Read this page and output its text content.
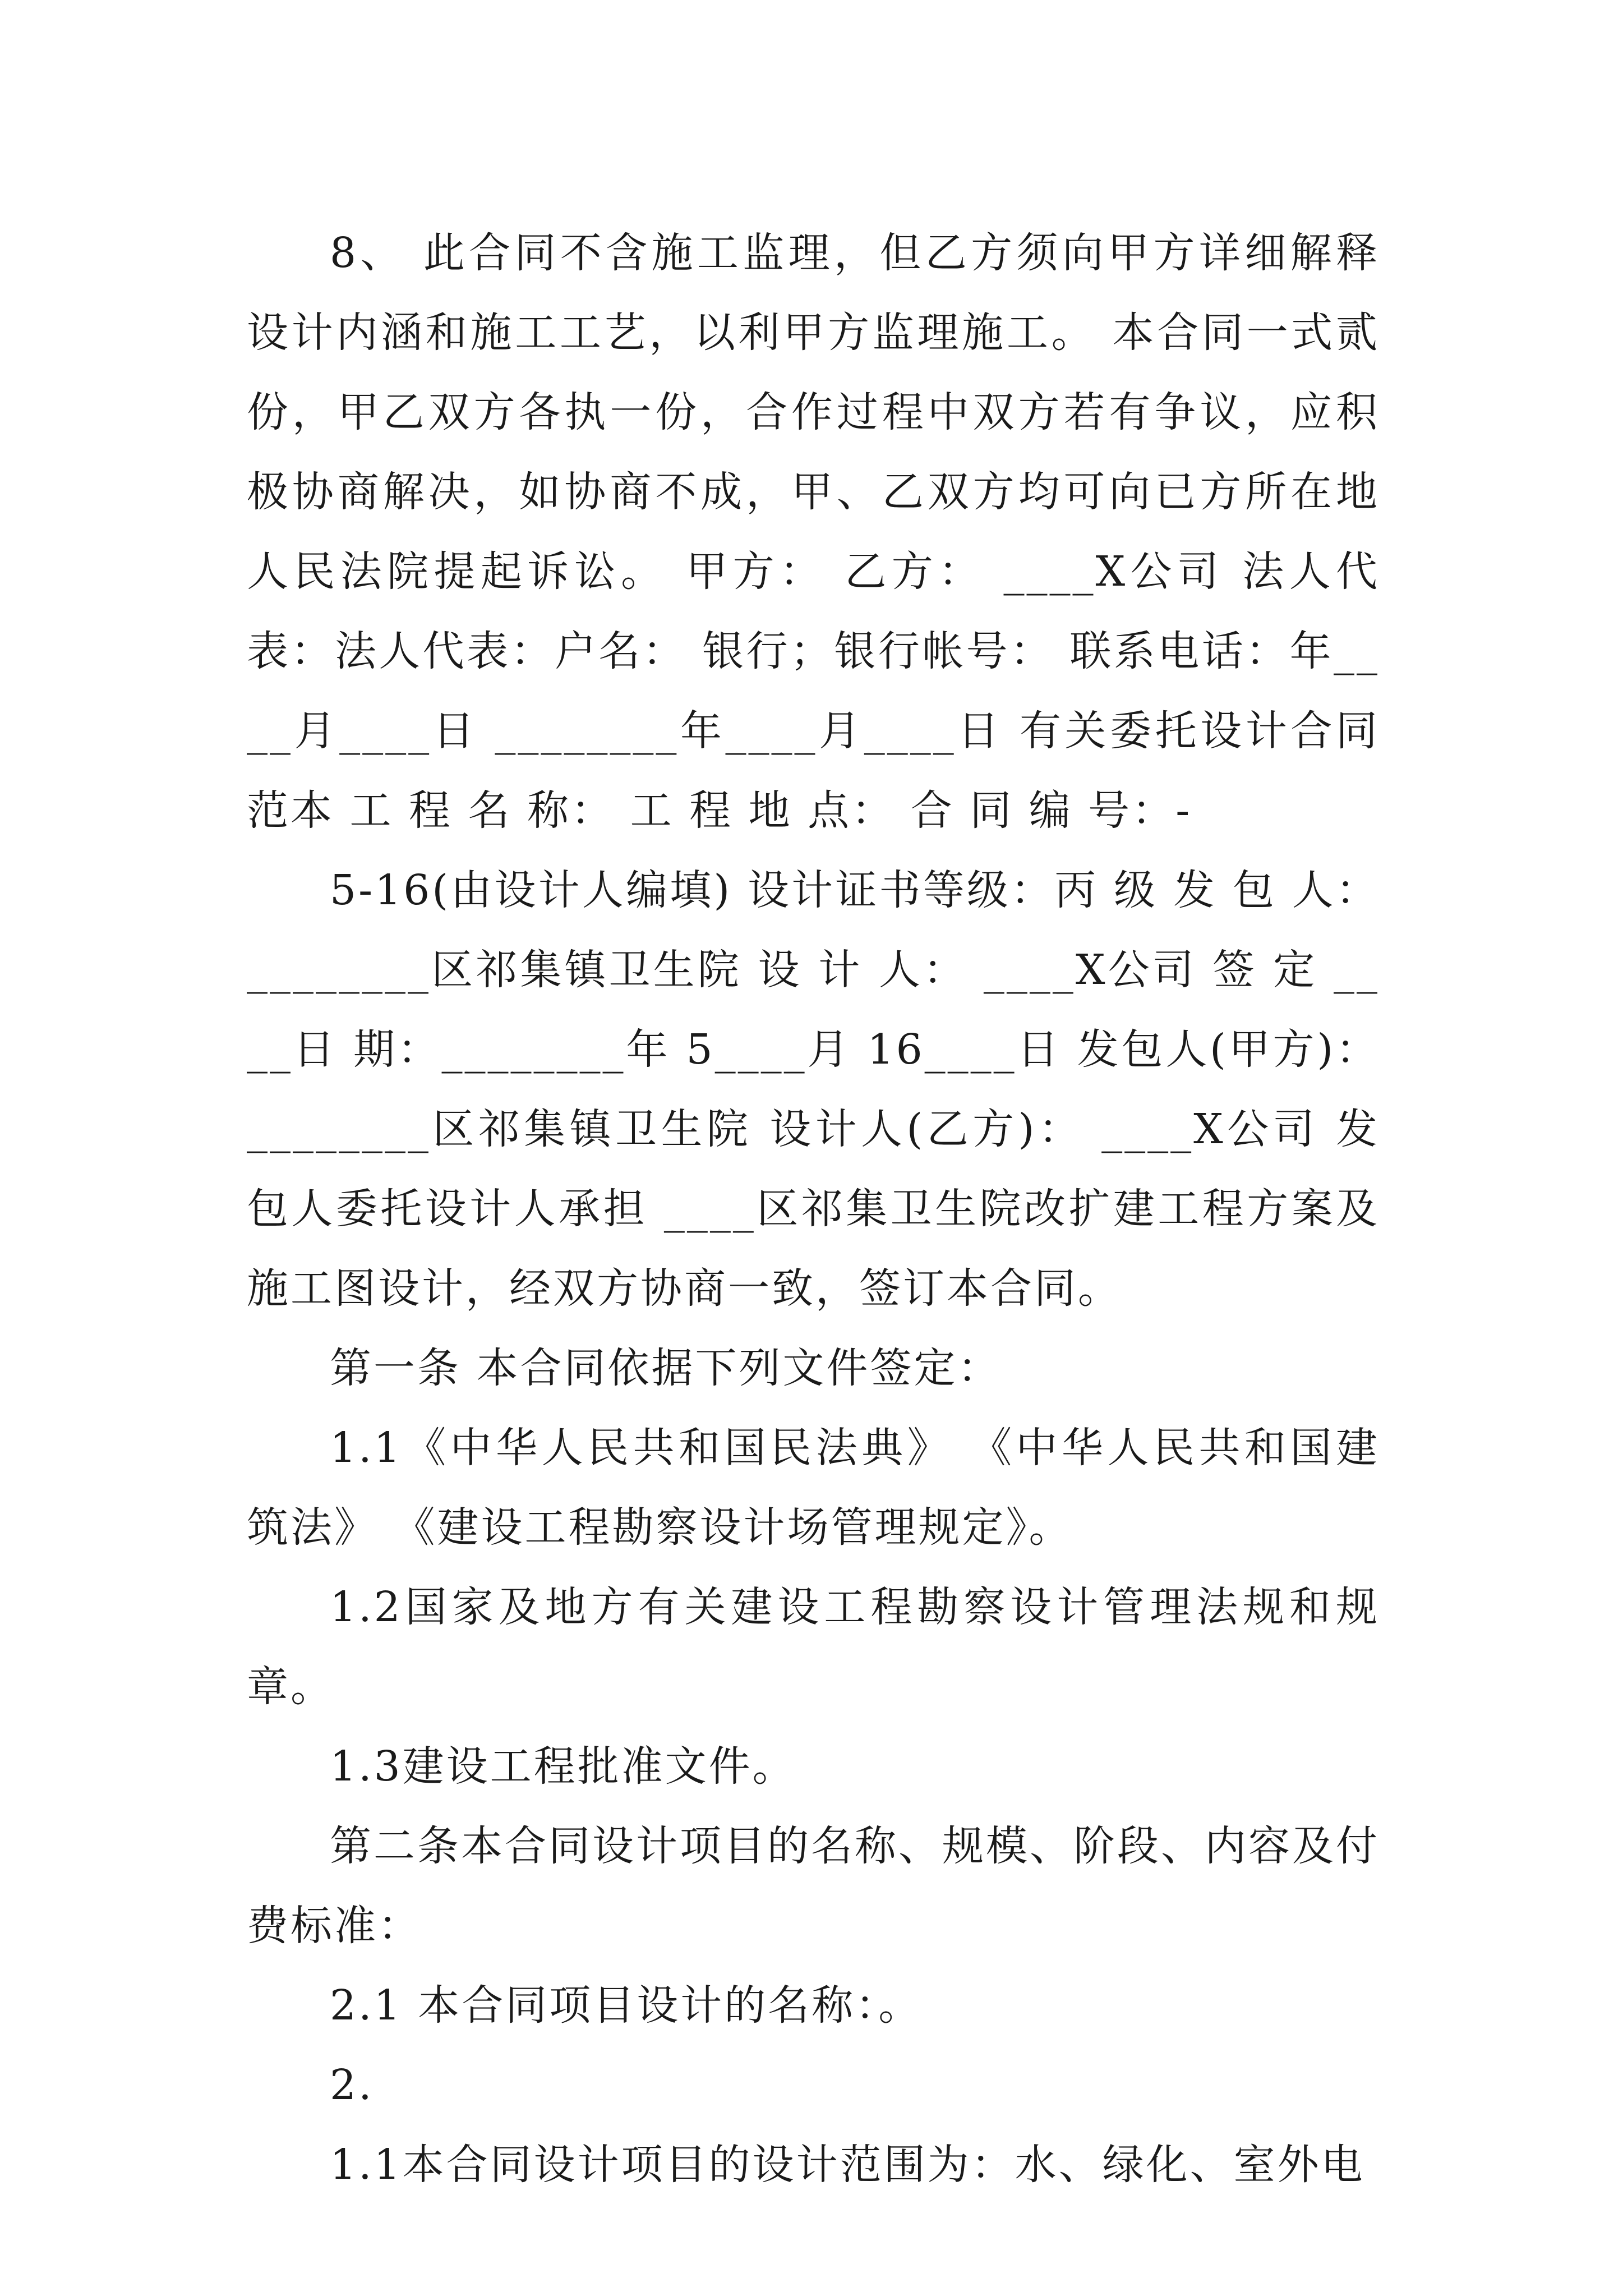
8、 此合同不含施工监理，但乙方须向甲方详细解释设计内涵和施工工艺，以利甲方监理施工。 本合同一式贰份，甲乙双方各执一份，合作过程中双方若有争议，应积极协商解决，如协商不成，甲、乙双方均可向已方所在地人民法院提起诉讼。 甲方： 乙方： ____X公司 法人代表：法人代表：户名： 银行；银行帐号： 联系电话：年____月____日 ________年____月____日 有关委托设计合同范本 工 程 名 称： 工 程 地 点： 合 同 编 号：-

5-16(由设计人编填) 设计证书等级：丙 级 发 包 人：________区祁集镇卫生院 设 计 人： ____X公司 签 定 ____日 期：________年 5____月 16____日 发包人(甲方)：________区祁集镇卫生院 设计人(乙方)： ____X公司 发包人委托设计人承担 ____区祁集卫生院改扩建工程方案及施工图设计，经双方协商一致，签订本合同。

第一条 本合同依据下列文件签定：

1.1《中华人民共和国民法典》 《中华人民共和国建筑法》 《建设工程勘察设计场管理规定》。

1.2国家及地方有关建设工程勘察设计管理法规和规章。

1.3建设工程批准文件。

第二条本合同设计项目的名称、规模、阶段、内容及付费标准：

2.1 本合同项目设计的名称：。

2.

1.1本合同设计项目的设计范围为：水、绿化、室外电
